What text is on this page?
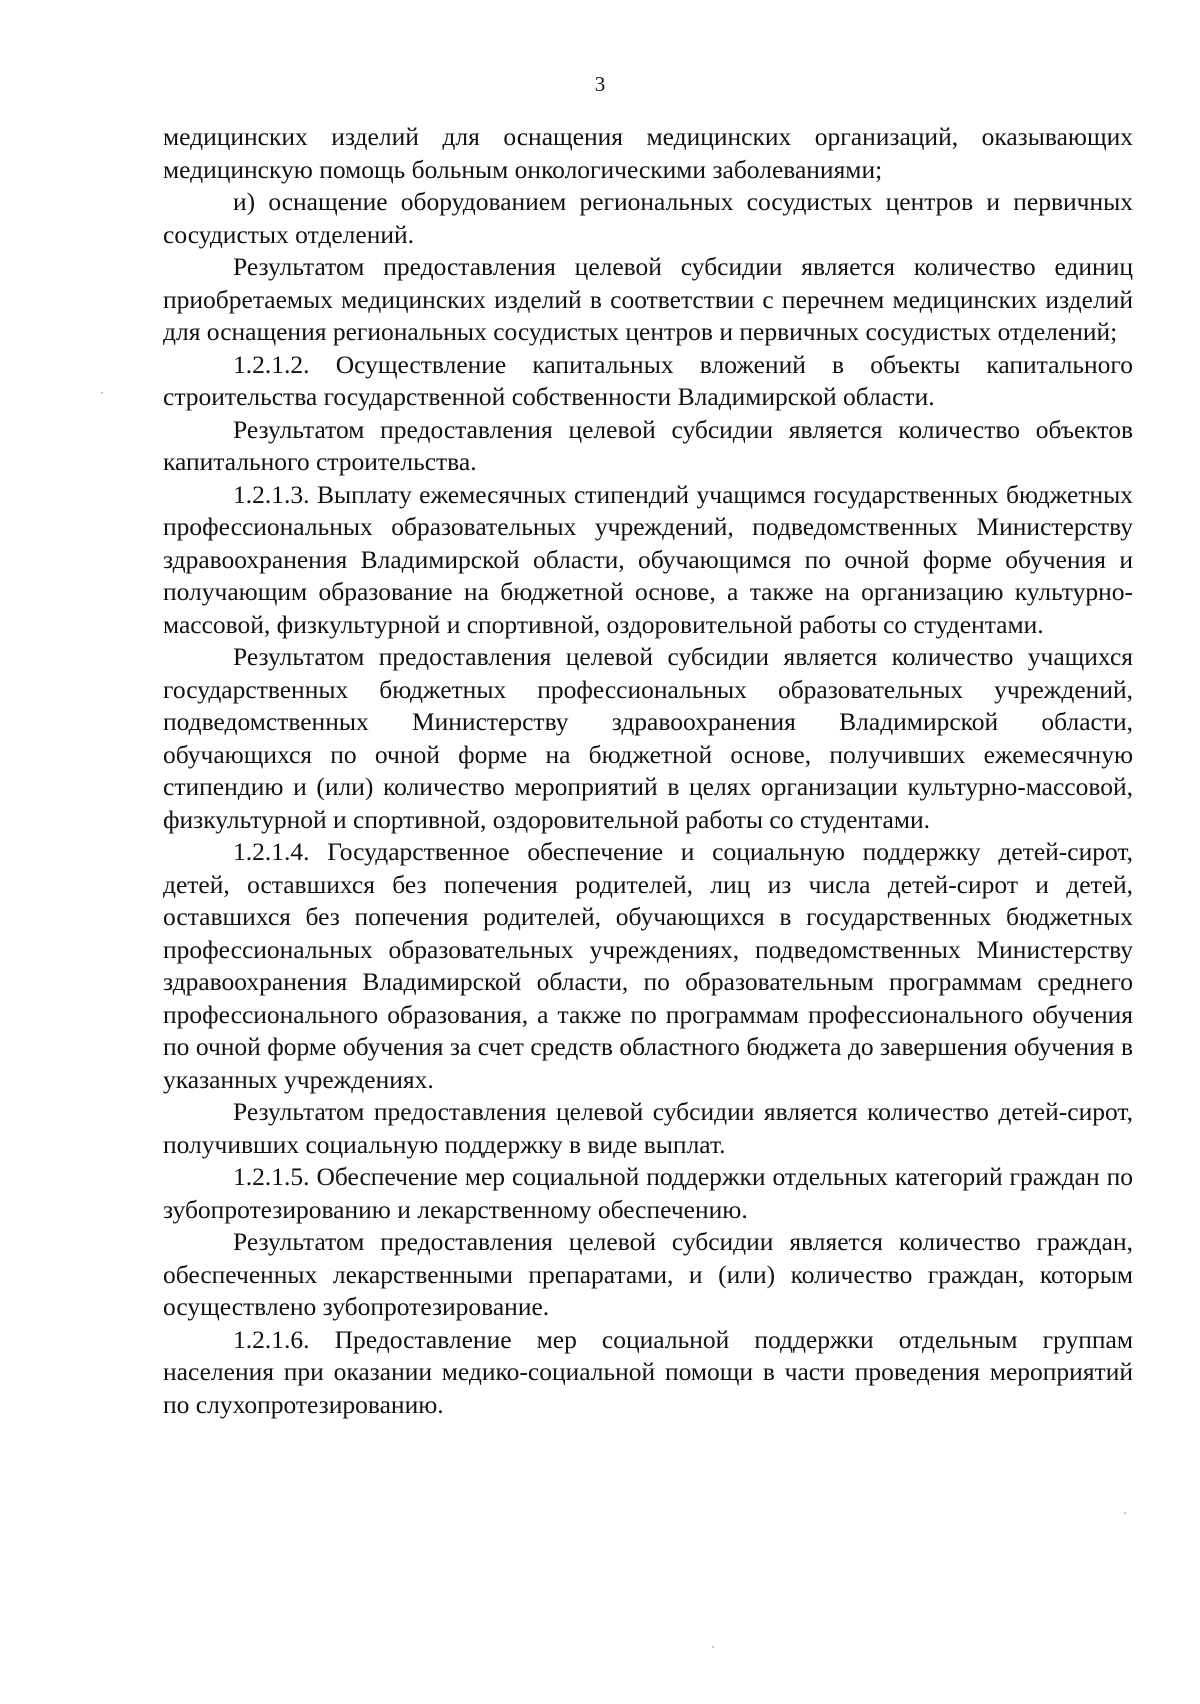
3

медицинских изделий для оснащения медицинских организаций, оказывающих медицинскую помощь больным онкологическими заболеваниями;

и) оснащение оборудованием региональных сосудистых центров и первичных сосудистых отделений.

Результатом предоставления целевой субсидии является количество единиц приобретаемых медицинских изделий в соответствии с перечнем медицинских изделий для оснащения региональных сосудистых центров и первичных сосудистых отделений;

1.2.1.2. Осуществление капитальных вложений в объекты капитального строительства государственной собственности Владимирской области.

Результатом предоставления целевой субсидии является количество объектов капитального строительства.

1.2.1.3. Выплату ежемесячных стипендий учащимся государственных бюджетных профессиональных образовательных учреждений, подведомственных Министерству здравоохранения Владимирской области, обучающимся по очной форме обучения и получающим образование на бюджетной основе, а также на организацию культурно-массовой, физкультурной и спортивной, оздоровительной работы со студентами.

Результатом предоставления целевой субсидии является количество учащихся государственных бюджетных профессиональных образовательных учреждений, подведомственных Министерству здравоохранения Владимирской области, обучающихся по очной форме на бюджетной основе, получивших ежемесячную стипендию и (или) количество мероприятий в целях организации культурно-массовой, физкультурной и спортивной, оздоровительной работы со студентами.

1.2.1.4. Государственное обеспечение и социальную поддержку детей-сирот, детей, оставшихся без попечения родителей, лиц из числа детей-сирот и детей, оставшихся без попечения родителей, обучающихся в государственных бюджетных профессиональных образовательных учреждениях, подведомственных Министерству здравоохранения Владимирской области, по образовательным программам среднего профессионального образования, а также по программам профессионального обучения по очной форме обучения за счет средств областного бюджета до завершения обучения в указанных учреждениях.

Результатом предоставления целевой субсидии является количество детей-сирот, получивших социальную поддержку в виде выплат.

1.2.1.5. Обеспечение мер социальной поддержки отдельных категорий граждан по зубопротезированию и лекарственному обеспечению.

Результатом предоставления целевой субсидии является количество граждан, обеспеченных лекарственными препаратами, и (или) количество граждан, которым осуществлено зубопротезирование.

1.2.1.6. Предоставление мер социальной поддержки отдельным группам населения при оказании медико-социальной помощи в части проведения мероприятий по слухопротезированию.
